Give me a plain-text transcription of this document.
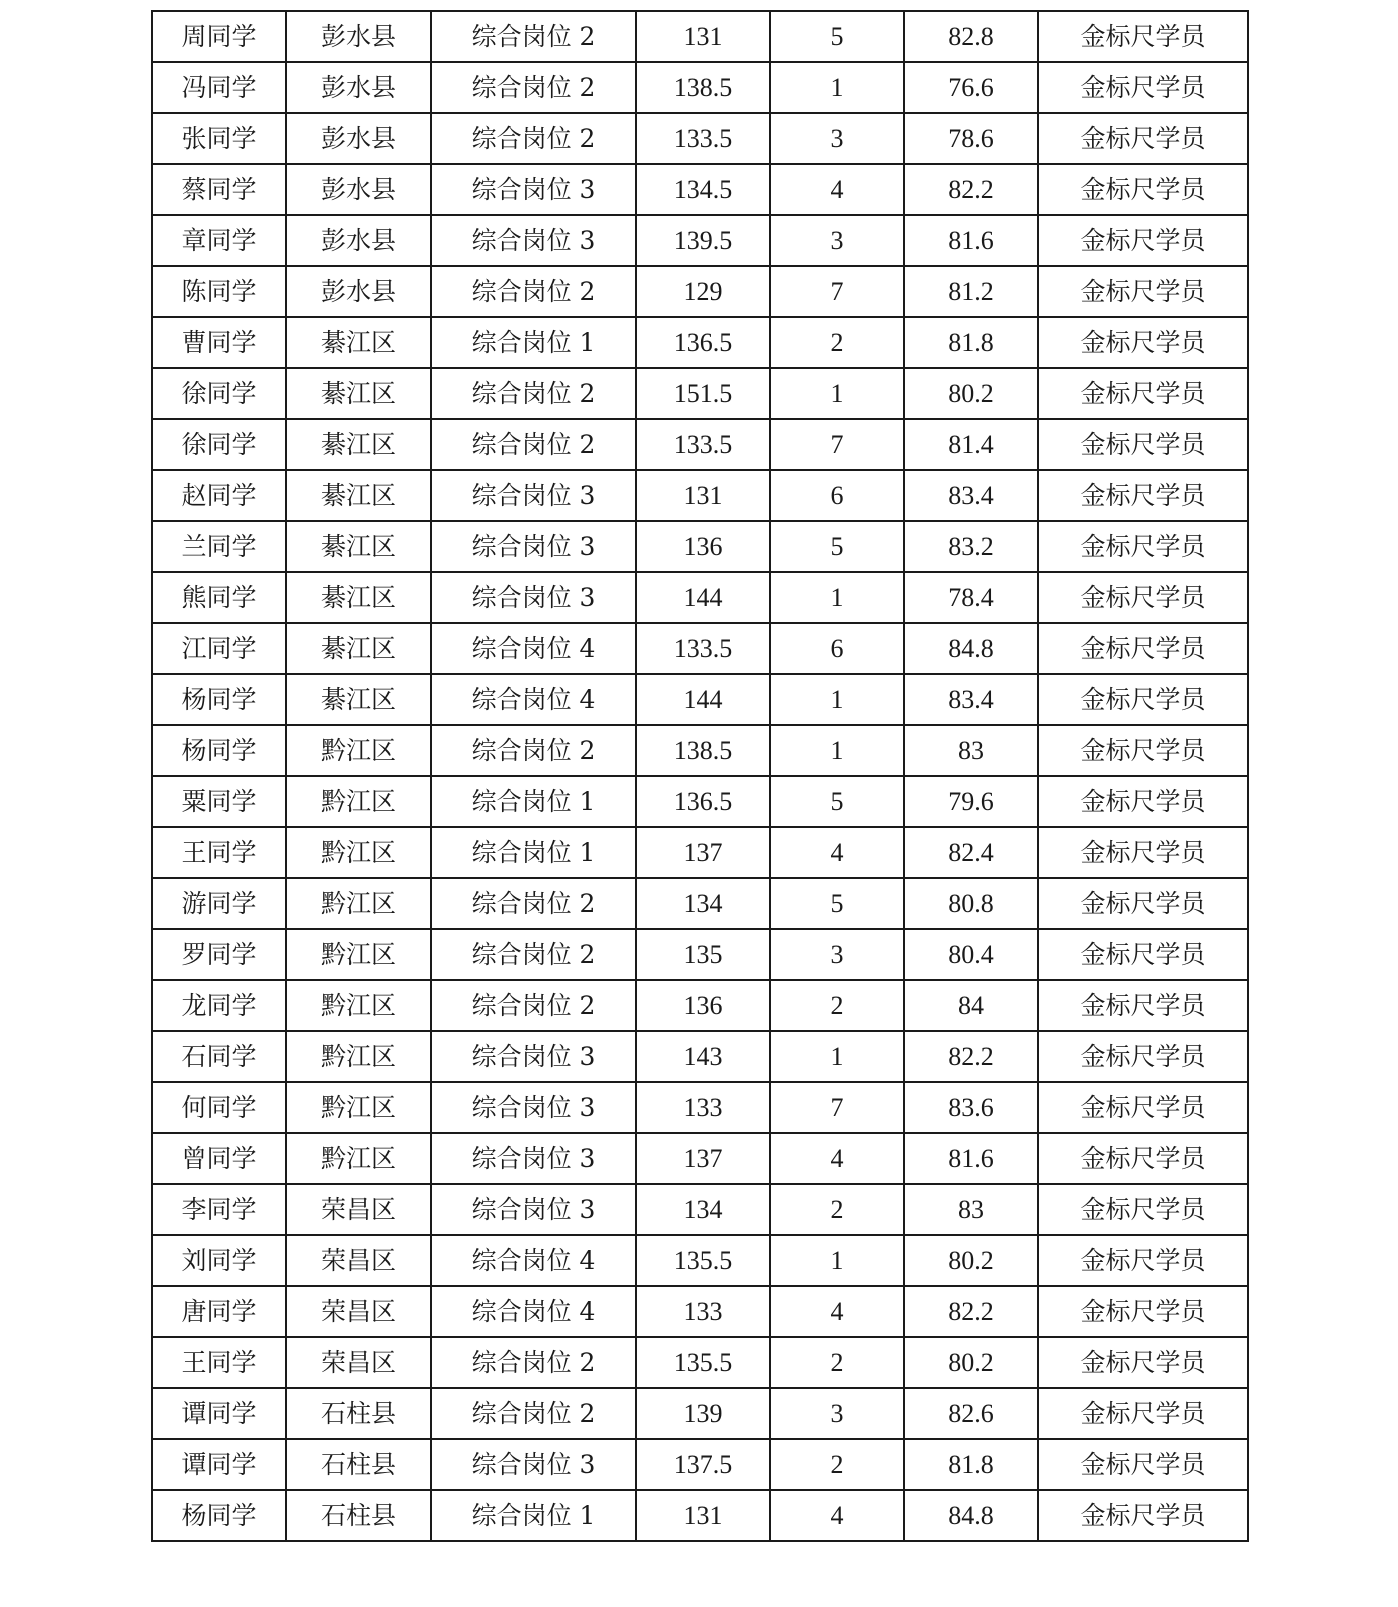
周同学	彭水县	综合岗位 2	131	5	82.8	金标尺学员
冯同学	彭水县	综合岗位 2	138.5	1	76.6	金标尺学员
张同学	彭水县	综合岗位 2	133.5	3	78.6	金标尺学员
蔡同学	彭水县	综合岗位 3	134.5	4	82.2	金标尺学员
章同学	彭水县	综合岗位 3	139.5	3	81.6	金标尺学员
陈同学	彭水县	综合岗位 2	129	7	81.2	金标尺学员
曹同学	綦江区	综合岗位 1	136.5	2	81.8	金标尺学员
徐同学	綦江区	综合岗位 2	151.5	1	80.2	金标尺学员
徐同学	綦江区	综合岗位 2	133.5	7	81.4	金标尺学员
赵同学	綦江区	综合岗位 3	131	6	83.4	金标尺学员
兰同学	綦江区	综合岗位 3	136	5	83.2	金标尺学员
熊同学	綦江区	综合岗位 3	144	1	78.4	金标尺学员
江同学	綦江区	综合岗位 4	133.5	6	84.8	金标尺学员
杨同学	綦江区	综合岗位 4	144	1	83.4	金标尺学员
杨同学	黔江区	综合岗位 2	138.5	1	83	金标尺学员
粟同学	黔江区	综合岗位 1	136.5	5	79.6	金标尺学员
王同学	黔江区	综合岗位 1	137	4	82.4	金标尺学员
游同学	黔江区	综合岗位 2	134	5	80.8	金标尺学员
罗同学	黔江区	综合岗位 2	135	3	80.4	金标尺学员
龙同学	黔江区	综合岗位 2	136	2	84	金标尺学员
石同学	黔江区	综合岗位 3	143	1	82.2	金标尺学员
何同学	黔江区	综合岗位 3	133	7	83.6	金标尺学员
曾同学	黔江区	综合岗位 3	137	4	81.6	金标尺学员
李同学	荣昌区	综合岗位 3	134	2	83	金标尺学员
刘同学	荣昌区	综合岗位 4	135.5	1	80.2	金标尺学员
唐同学	荣昌区	综合岗位 4	133	4	82.2	金标尺学员
王同学	荣昌区	综合岗位 2	135.5	2	80.2	金标尺学员
谭同学	石柱县	综合岗位 2	139	3	82.6	金标尺学员
谭同学	石柱县	综合岗位 3	137.5	2	81.8	金标尺学员
杨同学	石柱县	综合岗位 1	131	4	84.8	金标尺学员
